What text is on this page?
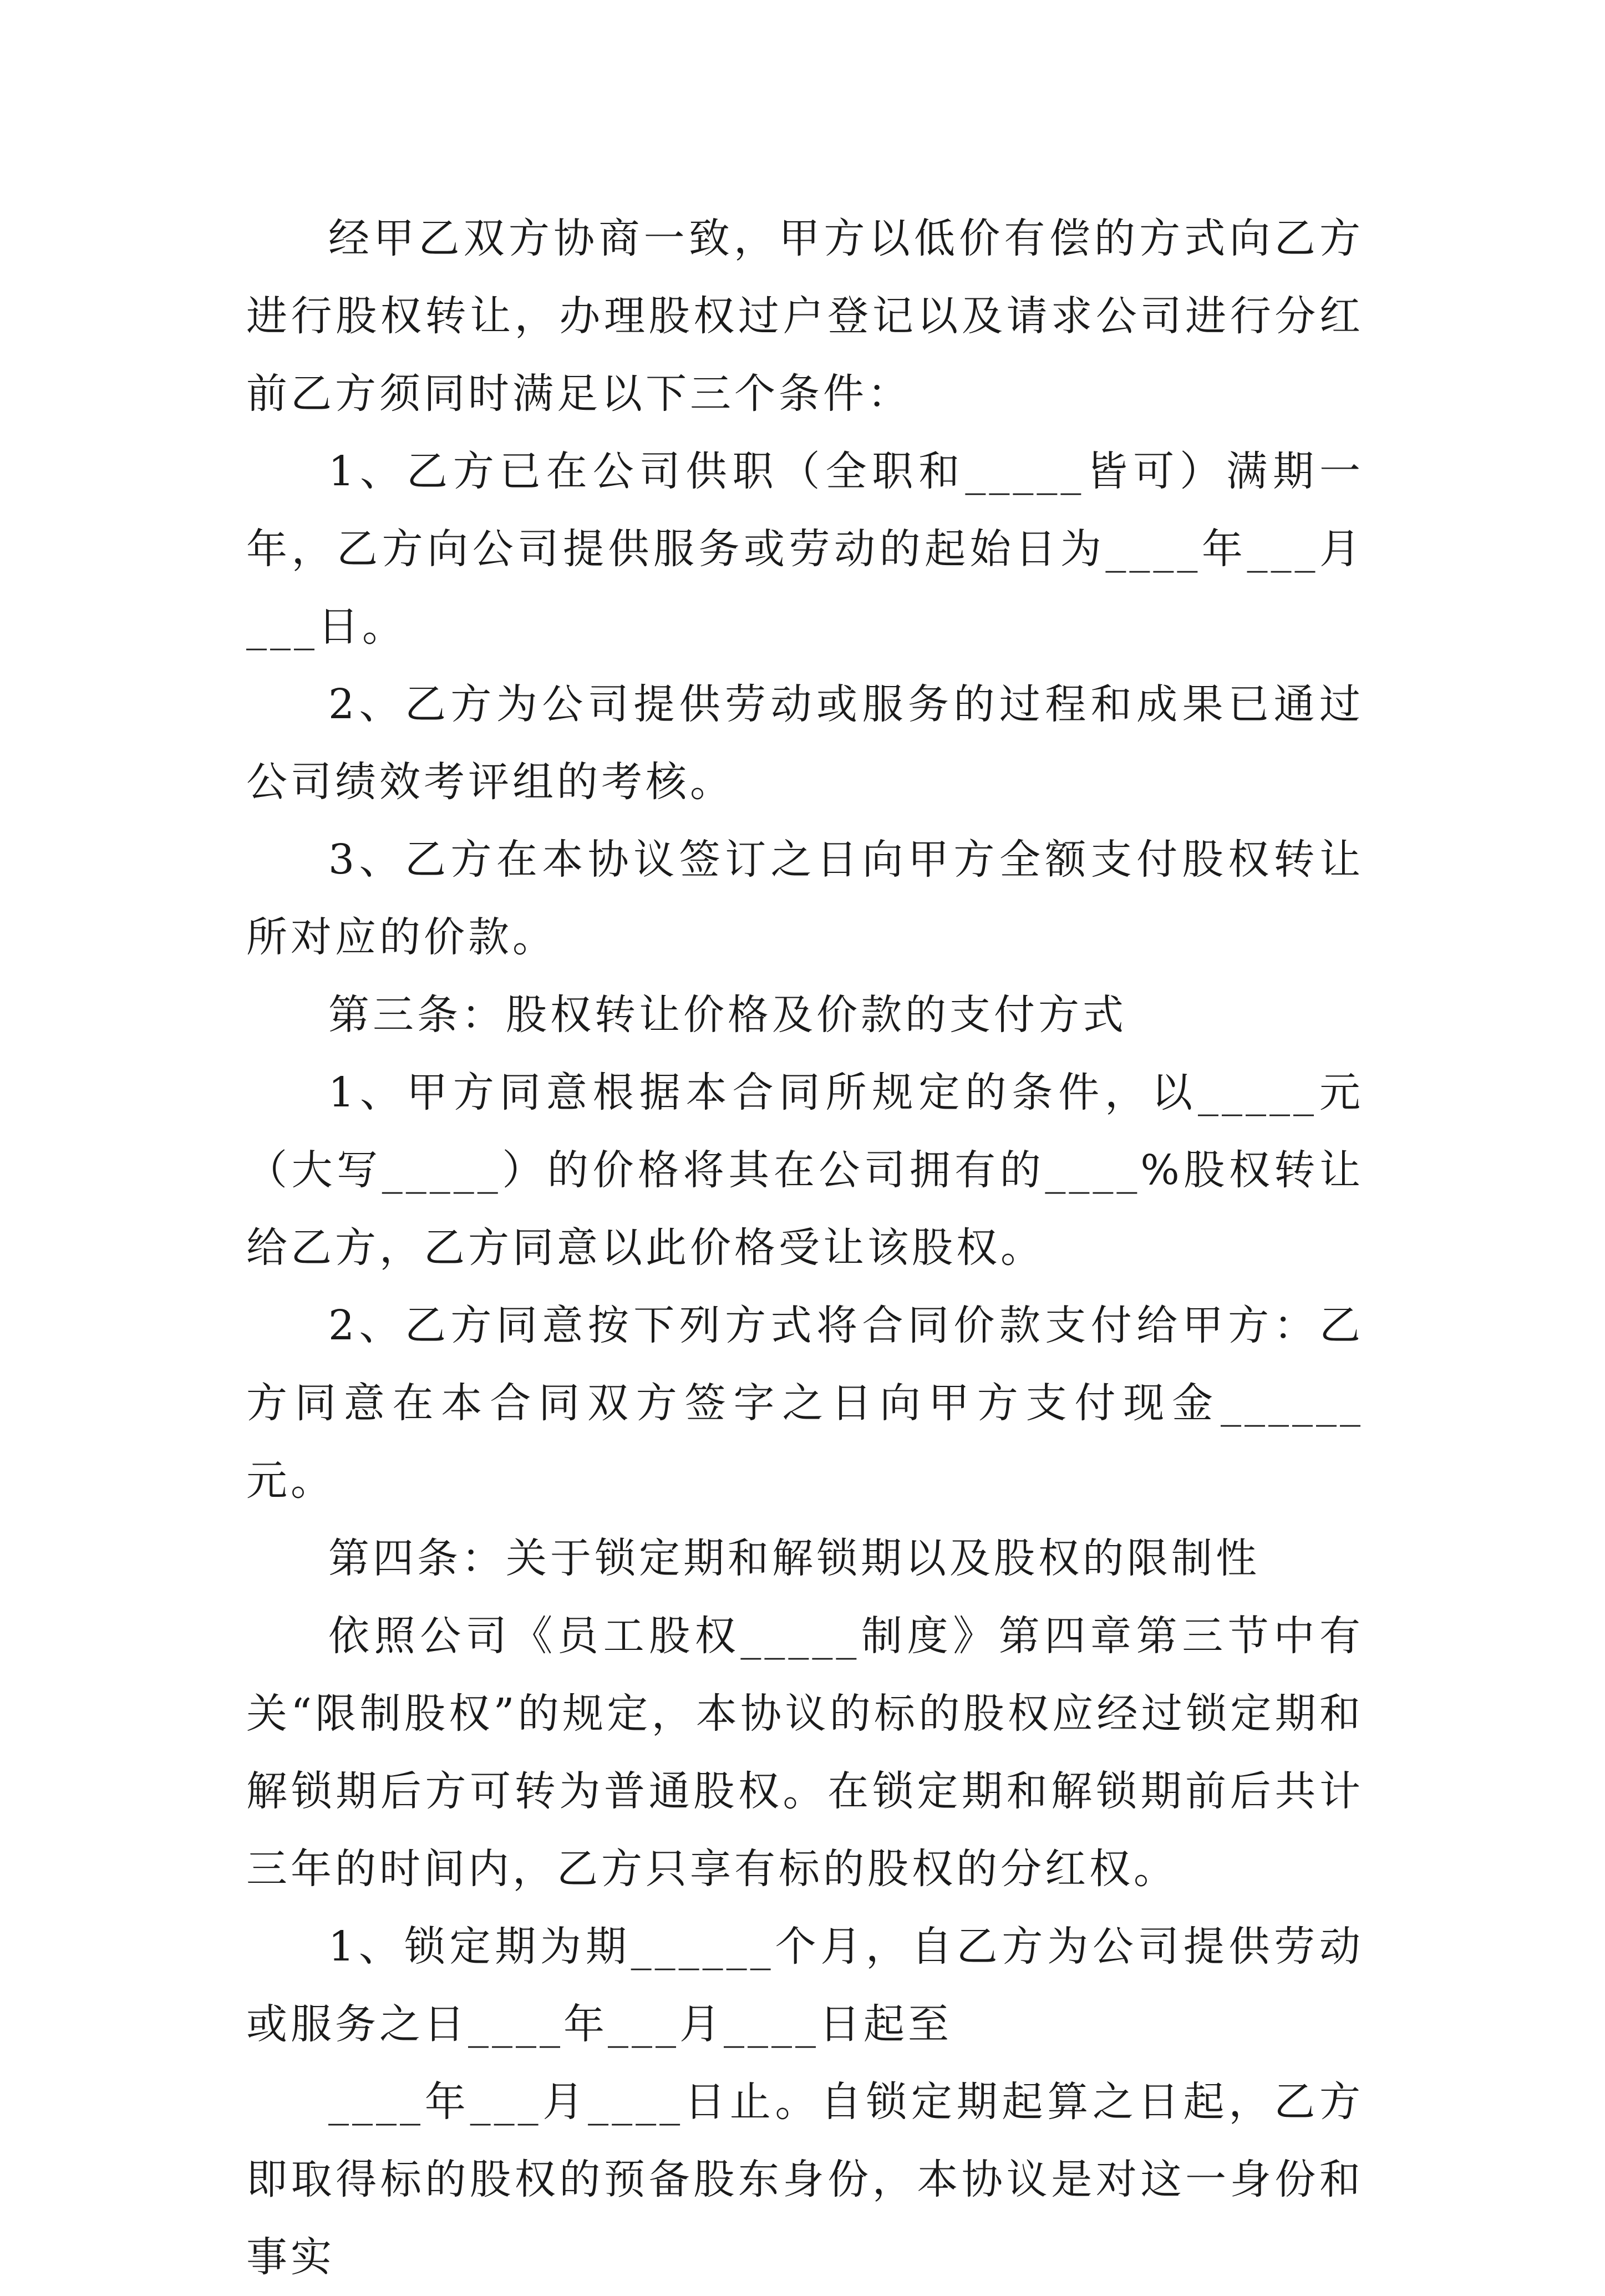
经甲乙双方协商一致，甲方以低价有偿的方式向乙方进行股权转让，办理股权过户登记以及请求公司进行分红前乙方须同时满足以下三个条件：

1、乙方已在公司供职（全职和_____皆可）满期一年，乙方向公司提供服务或劳动的起始日为____年___月___日。

2、乙方为公司提供劳动或服务的过程和成果已通过公司绩效考评组的考核。

3、乙方在本协议签订之日向甲方全额支付股权转让所对应的价款。

第三条：股权转让价格及价款的支付方式

1、甲方同意根据本合同所规定的条件，以_____元（大写_____）的价格将其在公司拥有的____%股权转让给乙方，乙方同意以此价格受让该股权。

2、乙方同意按下列方式将合同价款支付给甲方：乙方同意在本合同双方签字之日向甲方支付现金______元。

第四条：关于锁定期和解锁期以及股权的限制性

依照公司《员工股权_____制度》第四章第三节中有关“限制股权”的规定，本协议的标的股权应经过锁定期和解锁期后方可转为普通股权。在锁定期和解锁期前后共计三年的时间内，乙方只享有标的股权的分红权。

1、锁定期为期______个月，自乙方为公司提供劳动或服务之日____年___月____日起至

____年___月____日止。自锁定期起算之日起，乙方即取得标的股权的预备股东身份，本协议是对这一身份和事实
